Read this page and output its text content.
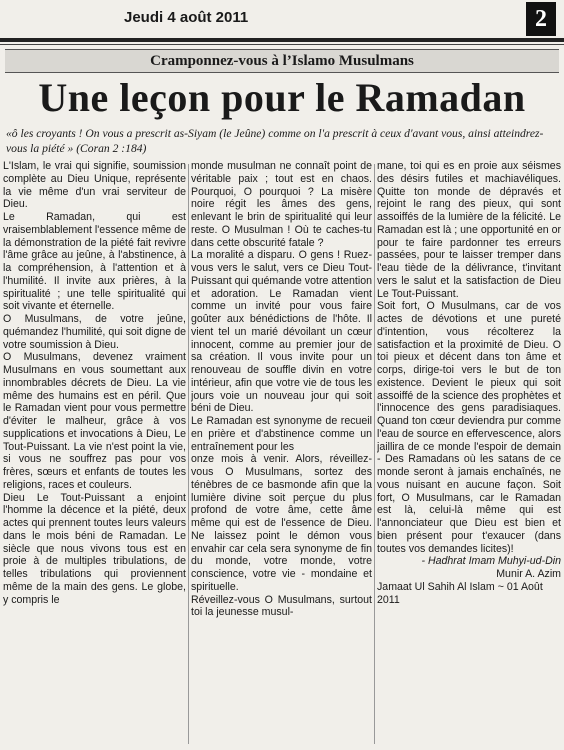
Jeudi 4 août 2011	2
Cramponnez-vous à l’Islamo Musulmans
Une leçon pour le Ramadan
«ô les croyants ! On vous a prescrit as-Siyam (le Jeûne) comme on l'a prescrit à ceux d'avant vous, ainsi atteindrez-vous la piété » (Coran 2 :184)

L'Islam, le vrai qui signifie, soumission complète au Dieu Unique, représente la vie même d'un vrai serviteur de Dieu.

Le Ramadan, qui est vraisemblablement l'essence même de la démonstration de la piété fait revivre l'âme grâce au jeûne, à l'abstinence, à la compréhension, à l'attention et à l'humilité. Il invite aux prières, à la spiritualité ; une telle spiritualité qui soit vivante et éternelle.

O Musulmans, de votre jeûne, quémandez l'humilité, qui soit digne de votre soumission à Dieu.

O Musulmans, devenez vraiment Musulmans en vous soumettant aux innombrables décrets de Dieu. La vie même des humains est en péril. Que le Ramadan vient pour vous permettre d'éviter le malheur, grâce à vos supplications et invocations à Dieu, Le Tout-Puissant. La vie n'est point la vie, si vous ne souffrez pas pour vos frères, sœurs et enfants de toutes les religions, races et couleurs.

Dieu Le Tout-Puissant a enjoint l'homme la décence et la piété, deux actes qui prennent toutes leurs valeurs dans le mois béni de Ramadan. Le siècle que nous vivons tous est en proie à de multiples tribulations, de telles tribulations qui proviennent même de la main des gens. Le globe, y compris le

monde musulman ne connaît point de véritable paix ; tout est en chaos. Pourquoi, O pourquoi ? La misère noire régit les âmes des gens, enlevant le brin de spiritualité qui leur reste. O Musulman ! Où te caches-tu dans cette obscurité fatale ?

La moralité a disparu. O gens ! Ruez-vous vers le salut, vers ce Dieu Tout-Puissant qui quémande votre attention et adoration. Le Ramadan vient comme un invité pour vous faire goûter aux bénédictions de l'hôte. Il vient tel un marié dévoilant un cœur innocent, comme au premier jour de sa création. Il vous invite pour un renouveau de souffle divin en votre intérieur, afin que votre vie de tous les jours voie un nouveau jour qui soit béni de Dieu.

Le Ramadan est synonyme de recueil en prière et d'abstinence comme un entraînement pour les

onze mois à venir. Alors, réveillez-vous O Musulmans, sortez des ténèbres de ce basmonde afin que la lumière divine soit perçue du plus profond de votre âme, cette âme même qui est de l'essence de Dieu. Ne laissez point le démon vous envahir car cela sera synonyme de fin du monde, votre monde, votre conscience, votre vie - mondaine et spirituelle.

Réveillez-vous O Musulmans, surtout toi la jeunesse musul-

mane, toi qui es en proie aux séismes des désirs futiles et machiavéliques. Quitte ton monde de dépravés et rejoint le rang des pieux, qui sont assoiffés de la lumière de la félicité. Le Ramadan est là ; une opportunité en or pour te faire pardonner tes erreurs passées, pour te laisser tremper dans l'eau tiède de la délivrance, t'invitant vers le salut et la satisfaction de Dieu Le Tout-Puissant.

Soit fort, O Musulmans, car de vos actes de dévotions et une pureté d'intention, vous récolterez la satisfaction et la proximité de Dieu. O toi pieux et décent dans ton âme et corps, dirige-toi vers le but de ton existence. Devient le pieux qui soit assoiffé de la science des prophètes et l'innocence des gens paradisiaques. Quand ton cœur deviendra pur comme l'eau de source en effervescence, alors jaillira de ce monde l'espoir de demain - Des Ramadans où les satans de ce monde seront à jamais enchaînés, ne vous nuisant en aucune façon. Soit fort, O Musulmans, car le Ramadan est là, celui-là même qui est l'annonciateur que Dieu est bien et bien présent pour t'exaucer (dans toutes vos demandes licites)!

- Hadhrat Imam Muhyi-ud-Din

Munir A. Azim

Jamaat Ul Sahih Al Islam ~ 01 Août 2011
